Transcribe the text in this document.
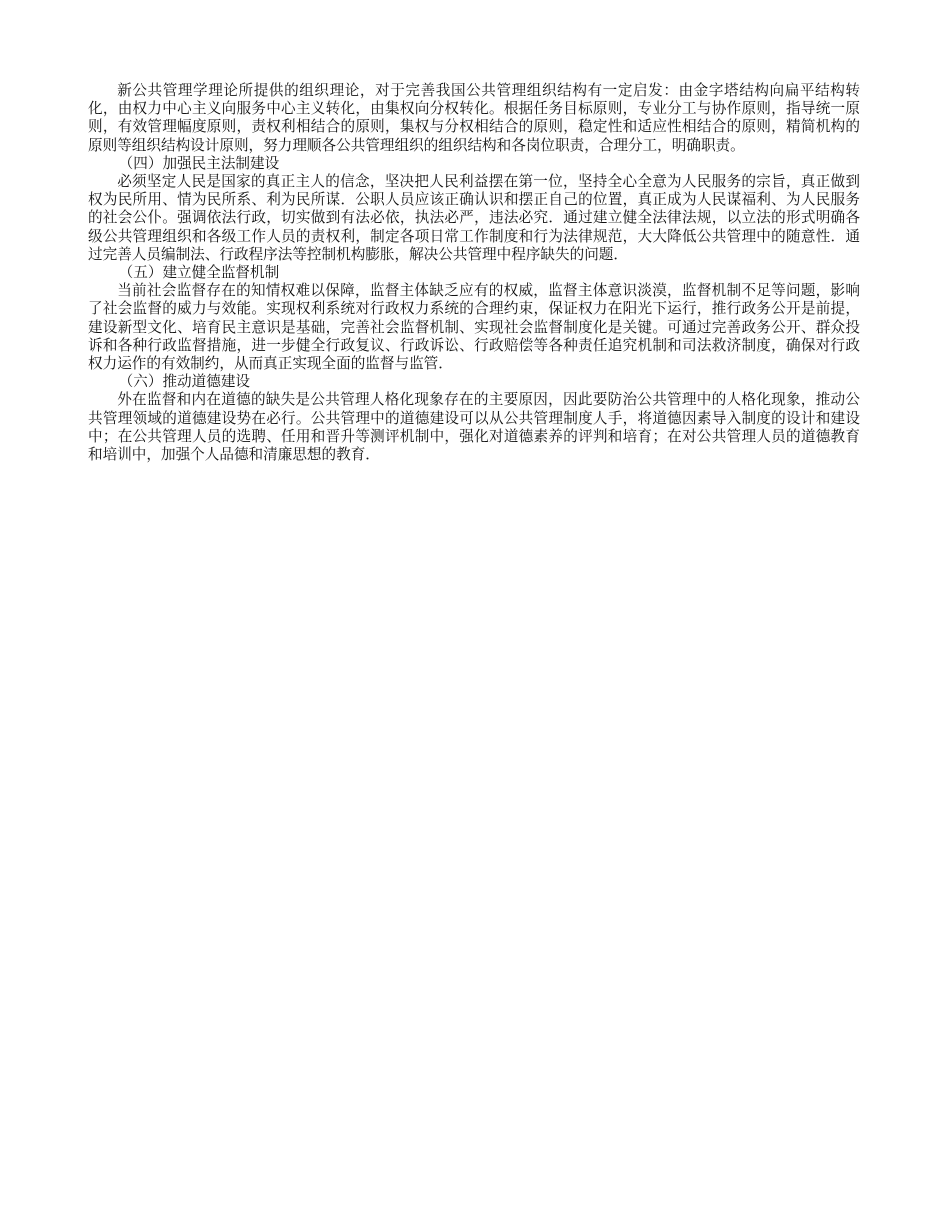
新公共管理学理论所提供的组织理论，对于完善我国公共管理组织结构有一定启发：由金字塔结构向扁平结构转化，由权力中心主义向服务中心主义转化，由集权向分权转化。根据任务目标原则，专业分工与协作原则，指导统一原则，有效管理幅度原则，责权利相结合的原则，集权与分权相结合的原则，稳定性和适应性相结合的原则，精简机构的原则等组织结构设计原则，努力理顺各公共管理组织的组织结构和各岗位职责，合理分工，明确职责。

（四）加强民主法制建设

必须坚定人民是国家的真正主人的信念，坚决把人民利益摆在第一位，坚持全心全意为人民服务的宗旨，真正做到权为民所用、情为民所系、利为民所谋．公职人员应该正确认识和摆正自己的位置，真正成为人民谋福利、为人民服务的社会公仆。强调依法行政，切实做到有法必依，执法必严，违法必究．通过建立健全法律法规，以立法的形式明确各级公共管理组织和各级工作人员的责权利，制定各项日常工作制度和行为法律规范，大大降低公共管理中的随意性．通过完善人员编制法、行政程序法等控制机构膨胀，解决公共管理中程序缺失的问题．

（五）建立健全监督机制

当前社会监督存在的知情权难以保障，监督主体缺乏应有的权威，监督主体意识淡漠，监督机制不足等问题，影响了社会监督的威力与效能。实现权利系统对行政权力系统的合理约束，保证权力在阳光下运行，推行政务公开是前提，建设新型文化、培育民主意识是基础，完善社会监督机制、实现社会监督制度化是关键。可通过完善政务公开、群众投诉和各种行政监督措施，进一步健全行政复议、行政诉讼、行政赔偿等各种责任追究机制和司法救济制度，确保对行政权力运作的有效制约，从而真正实现全面的监督与监管．

（六）推动道德建设

外在监督和内在道德的缺失是公共管理人格化现象存在的主要原因，因此要防治公共管理中的人格化现象，推动公共管理领域的道德建设势在必行。公共管理中的道德建设可以从公共管理制度人手，将道德因素导入制度的设计和建设中；在公共管理人员的选聘、任用和晋升等测评机制中，强化对道德素养的评判和培育；在对公共管理人员的道德教育和培训中，加强个人品德和清廉思想的教育．
